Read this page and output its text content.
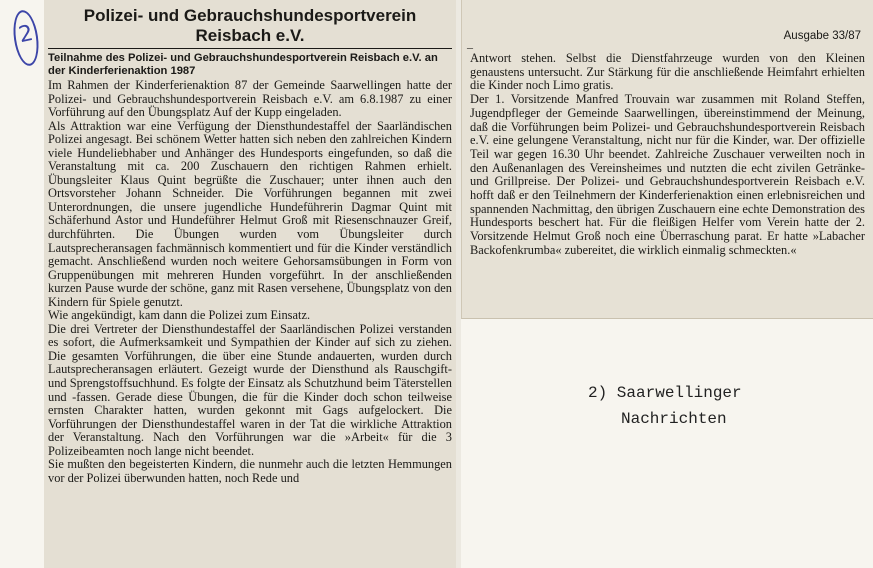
2
Polizei- und Gebrauchshundesportverein
Reisbach e.V.
Teilnahme des Polizei- und Gebrauchshundesportverein Reisbach e.V. an der Kinderferienaktion 1987

Im Rahmen der Kinderferienaktion 87 der Gemeinde Saarwellingen hatte der Polizei- und Gebrauchshundesportverein Reisbach e.V. am 6.8.1987 zu einer Vorführung auf den Übungsplatz Auf der Kupp eingeladen.

Als Attraktion war eine Verfügung der Diensthundestaffel der Saarländischen Polizei angesagt. Bei schönem Wetter hatten sich neben den zahlreichen Kindern viele Hundeliebhaber und Anhänger des Hundesports eingefunden, so daß die Veranstaltung mit ca. 200 Zuschauern den richtigen Rahmen erhielt. Übungsleiter Klaus Quint begrüßte die Zuschauer; unter ihnen auch den Ortsvorsteher Johann Schneider. Die Vorführungen begannen mit zwei Unterordnungen, die unsere jugendliche Hundeführerin Dagmar Quint mit Schäferhund Astor und Hundeführer Helmut Groß mit Riesenschnauzer Greif, durchführten. Die Übungen wurden vom Übungsleiter durch Lautsprecheransagen fachmännisch kommentiert und für die Kinder verständlich gemacht. Anschließend wurden noch weitere Gehorsamsübungen in Form von Gruppenübungen mit mehreren Hunden vorgeführt. In der anschließenden kurzen Pause wurde der schöne, ganz mit Rasen versehene, Übungsplatz von den Kindern für Spiele genutzt.

Wie angekündigt, kam dann die Polizei zum Einsatz.

Die drei Vertreter der Diensthundestaffel der Saarländischen Polizei verstanden es sofort, die Aufmerksamkeit und Sympathien der Kinder auf sich zu ziehen. Die gesamten Vorführungen, die über eine Stunde andauerten, wurden durch Lautsprecheransagen erläutert. Gezeigt wurde der Diensthund als Rauschgift- und Sprengstoffsuchhund. Es folgte der Einsatz als Schutzhund beim Täterstellen und -fassen. Gerade diese Übungen, die für die Kinder doch schon teilweise ernsten Charakter hatten, wurden gekonnt mit Gags aufgelockert. Die Vorführungen der Diensthundestaffel waren in der Tat die wirkliche Attraktion der Veranstaltung. Nach den Vorführungen war die »Arbeit« für die 3 Polizeibeamten noch lange nicht beendet.

Sie mußten den begeisterten Kindern, die nunmehr auch die letzten Hemmungen vor der Polizei überwunden hatten, noch Rede und

Ausgabe 33/87
–

Antwort stehen. Selbst die Dienstfahrzeuge wurden von den Kleinen genaustens untersucht. Zur Stärkung für die anschließende Heimfahrt erhielten die Kinder noch Limo gratis.

Der 1. Vorsitzende Manfred Trouvain war zusammen mit Roland Steffen, Jugendpfleger der Gemeinde Saarwellingen, übereinstimmend der Meinung, daß die Vorführungen beim Polizei- und Gebrauchshundesportverein Reisbach e.V. eine gelungene Veranstaltung, nicht nur für die Kinder, war. Der offizielle Teil war gegen 16.30 Uhr beendet. Zahlreiche Zuschauer verweilten noch in den Außenanlagen des Vereinsheimes und nutzten die echt zivilen Getränke- und Grillpreise. Der Polizei- und Gebrauchshundesportverein Reisbach e.V. hofft daß er den Teilnehmern der Kinderferienaktion einen erlebnisreichen und spannenden Nachmittag, den übrigen Zuschauern eine echte Demonstration des Hundesports beschert hat. Für die fleißigen Helfer vom Verein hatte der 2. Vorsitzende Helmut Groß noch eine Überraschung parat. Er hatte »Labacher Backofenkrumba« zubereitet, die wirklich einmalig schmeckten.«

2) Saarwellinger
Nachrichten
